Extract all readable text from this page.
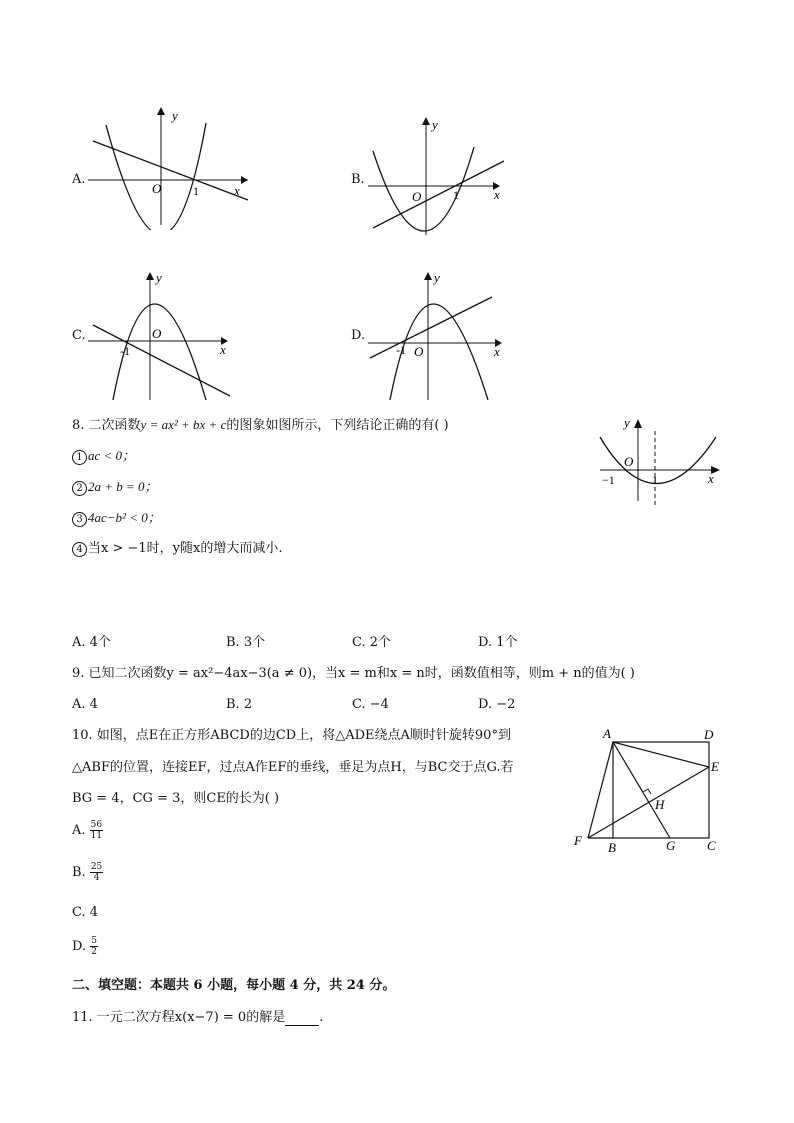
A.
y
x
O	1
B.
y
x
O	1
C.
y
x
O
-1
D.
y
x
O
-1
8. 二次函数y = ax² + bx + c的图象如图所示，下列结论正确的有( )
1 ac < 0；
2 2a + b = 0；
3 4ac−b² < 0；
4 当x > −1时，y随x的增大而减小.
y
x
O
−1	1
A. 4个	B. 3个	C. 2个	D. 1个
9. 已知二次函数y = ax²−4ax−3(a ≠ 0)，当x = m和x = n时，函数值相等，则m + n的值为( )
A. 4	B. 2	C. −4	D. −2
10. 如图，点E在正方形ABCD的边CD上，将△ADE绕点A顺时针旋转90°到
△ABF的位置，连接EF，过点A作EF的垂线，垂足为点H，与BC交于点G.若
BG = 4，CG = 3，则CE的长为( )
A. $\frac{56}{11}$
B. $\frac{25}{4}$
C. 4
D. $\frac{5}{2}$
A	D
E
H
F B	G C
二、填空题：本题共 6 小题，每小题 4 分，共 24 分。
11. 一元二次方程x(x−7) = 0的解是	.
